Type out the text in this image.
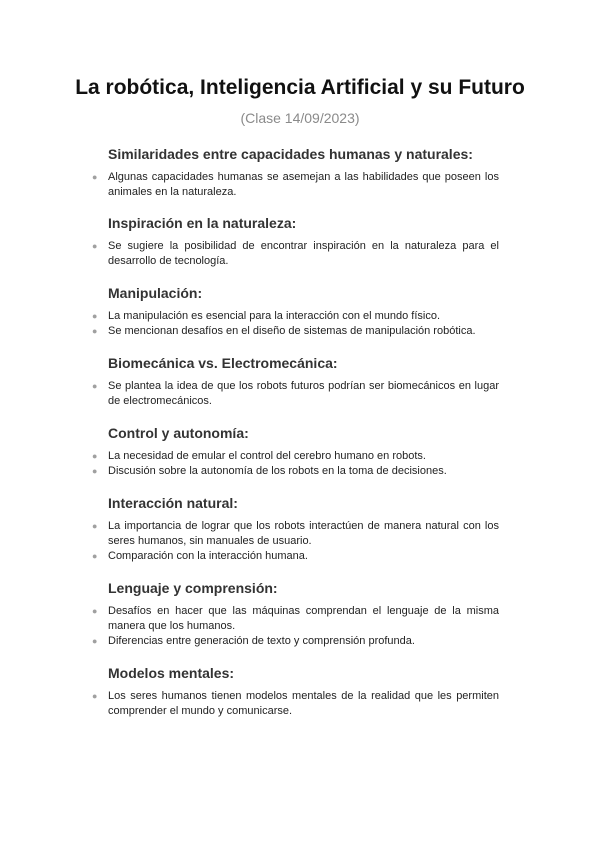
La robótica, Inteligencia Artificial y su Futuro

(Clase 14/09/2023)

Similaridades entre capacidades humanas y naturales:
● Algunas capacidades humanas se asemejan a las habilidades que poseen los animales en la naturaleza.
Inspiración en la naturaleza:
● Se sugiere la posibilidad de encontrar inspiración en la naturaleza para el desarrollo de tecnología.
Manipulación:
● La manipulación es esencial para la interacción con el mundo físico.
● Se mencionan desafíos en el diseño de sistemas de manipulación robótica.
Biomecánica vs. Electromecánica:
● Se plantea la idea de que los robots futuros podrían ser biomecánicos en lugar de electromecánicos.
Control y autonomía:
● La necesidad de emular el control del cerebro humano en robots.
● Discusión sobre la autonomía de los robots en la toma de decisiones.
Interacción natural:
● La importancia de lograr que los robots interactúen de manera natural con los seres humanos, sin manuales de usuario.
● Comparación con la interacción humana.
Lenguaje y comprensión:
● Desafíos en hacer que las máquinas comprendan el lenguaje de la misma manera que los humanos.
● Diferencias entre generación de texto y comprensión profunda.
Modelos mentales:
● Los seres humanos tienen modelos mentales de la realidad que les permiten comprender el mundo y comunicarse.
